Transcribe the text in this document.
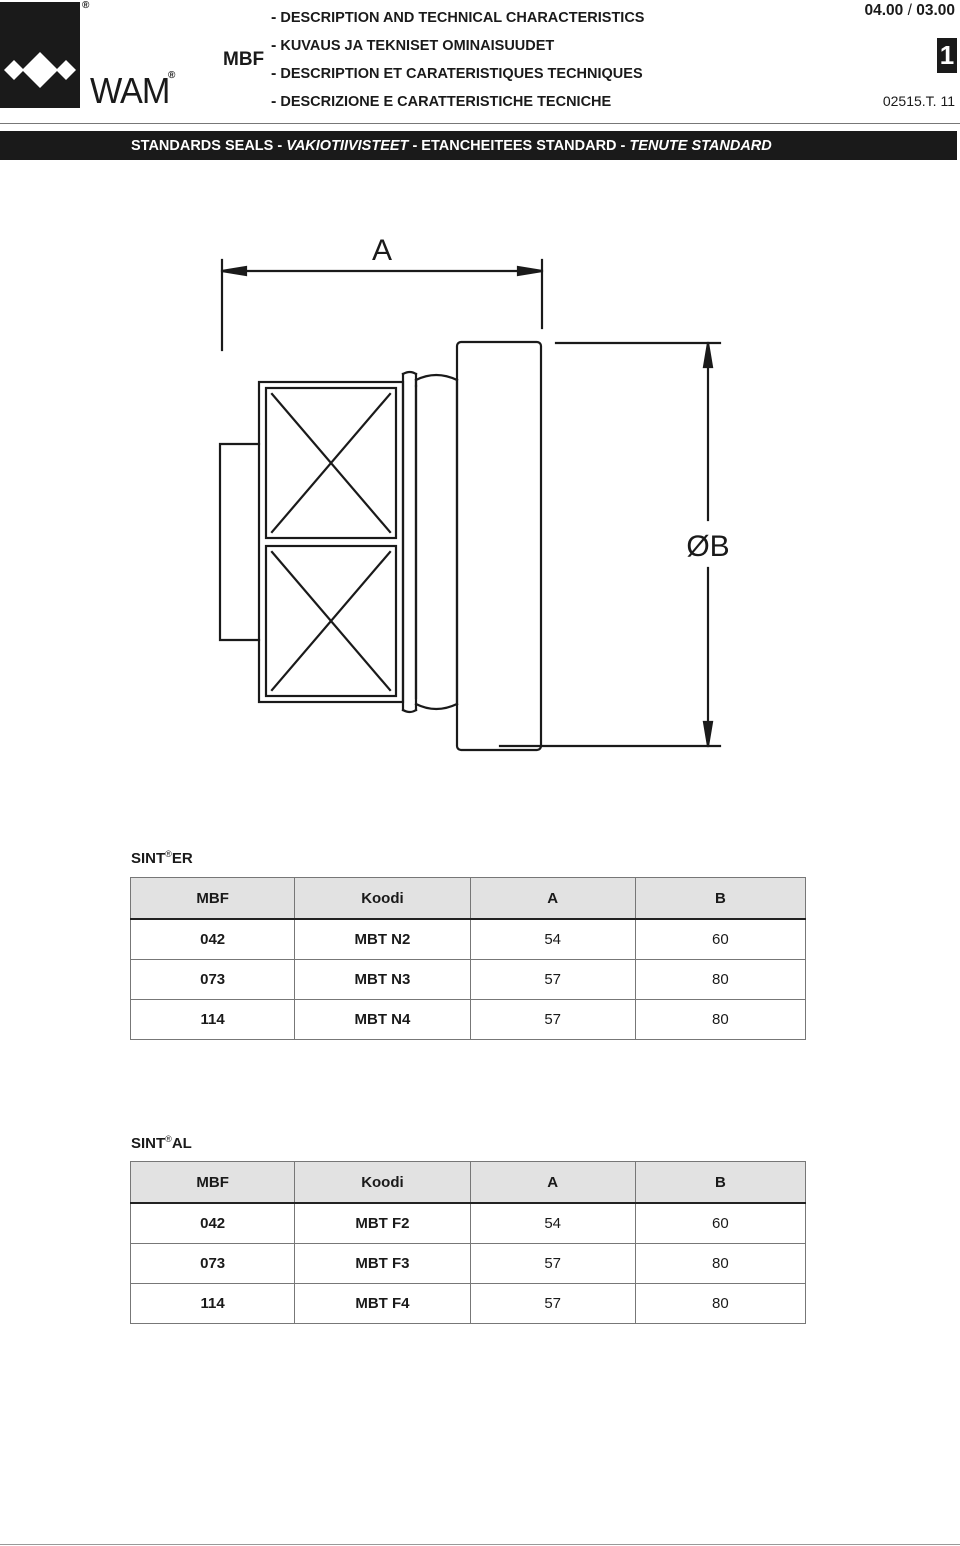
®
WAM
®
MBF
- DESCRIPTION AND TECHNICAL CHARACTERISTICS
- KUVAUS JA TEKNISET OMINAISUUDET
- DESCRIPTION ET CARATERISTIQUES TECHNIQUES
- DESCRIZIONE E CARATTERISTICHE TECNICHE
04.00 / 03.00
1
02515.T. 11
STANDARDS SEALS - VAKIOTIIVISTEET - ETANCHEITEES STANDARD - TENUTE STANDARD
A
ØB
SINT®ER
MBF	Koodi	A	B
042	MBT N2	54	60
073	MBT N3	57	80
114	MBT N4	57	80
SINT®AL
MBF	Koodi	A	B
042	MBT F2	54	60
073	MBT F3	57	80
114	MBT F4	57	80
